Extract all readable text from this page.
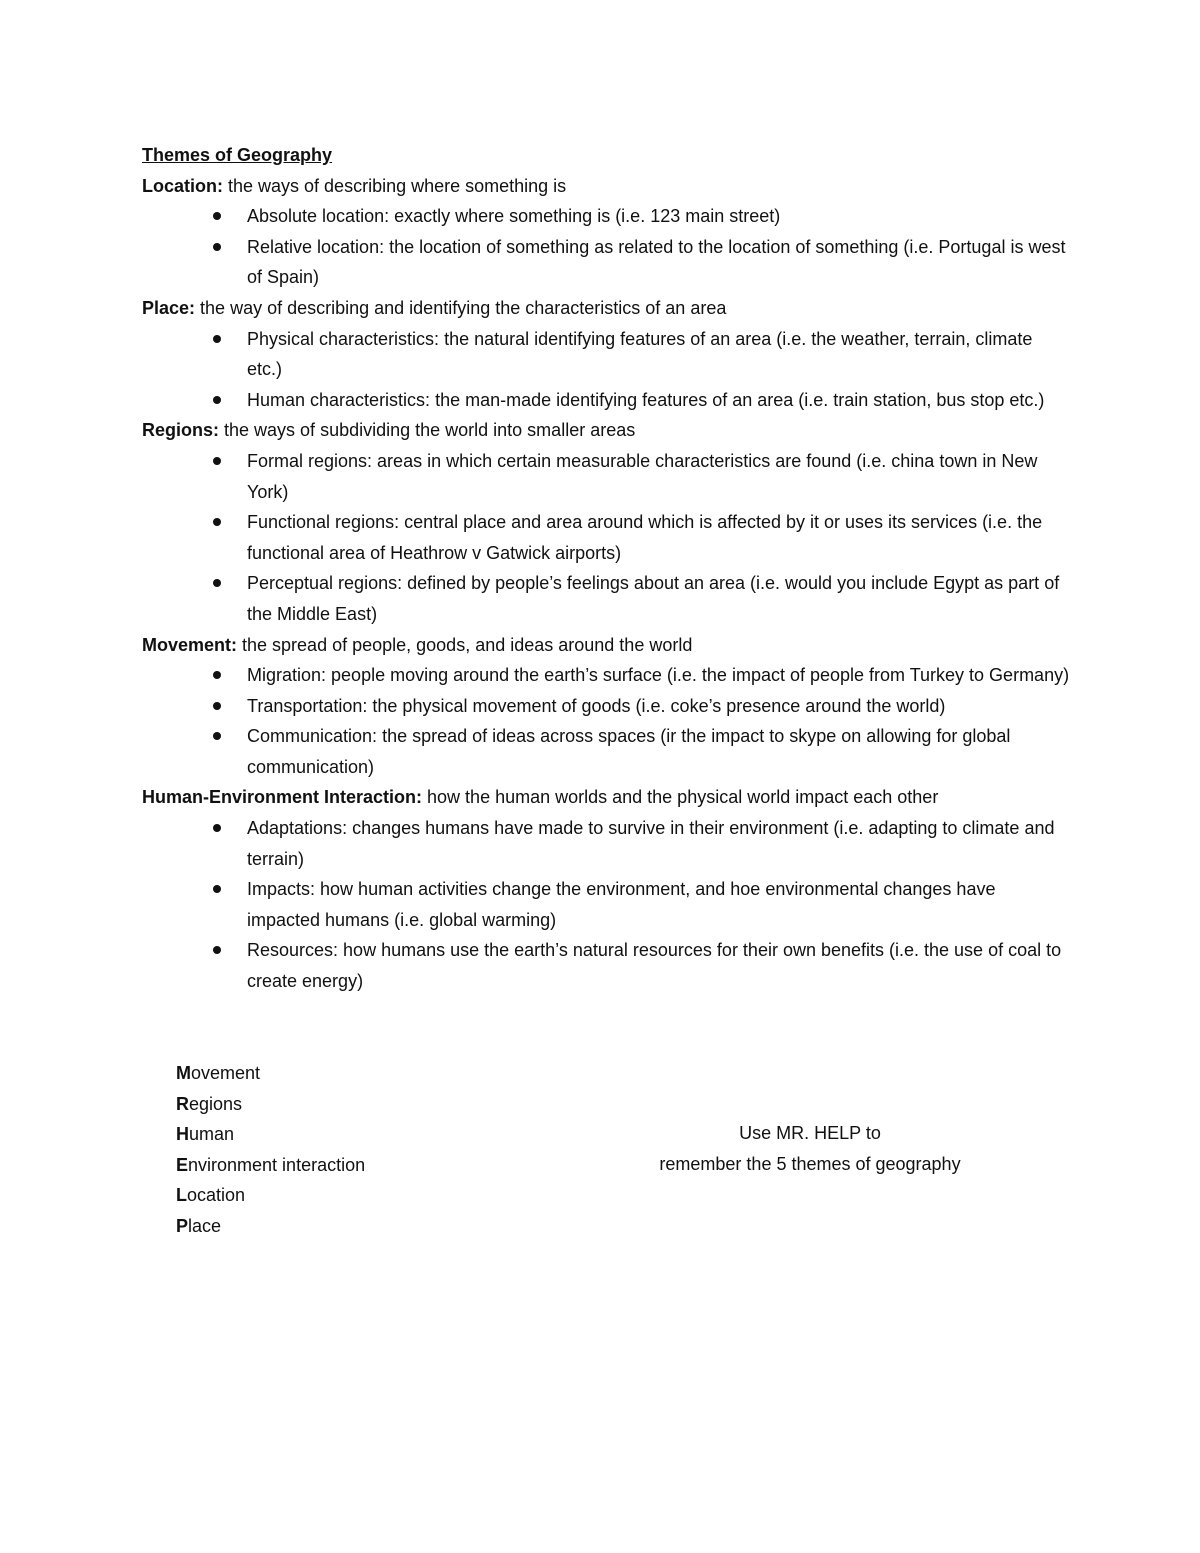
Themes of Geography

Location: the ways of describing where something is

Absolute location: exactly where something is (i.e. 123 main street)
Relative location: the location of something as related to the location of something (i.e. Portugal is west of Spain)

Place: the way of describing and identifying the characteristics of an area

Physical characteristics: the natural identifying features of an area (i.e. the weather, terrain, climate etc.)
Human characteristics: the man-made identifying features of an area (i.e. train station, bus stop etc.)

Regions: the ways of subdividing the world into smaller areas

Formal regions: areas in which certain measurable characteristics are found (i.e. china town in New York)
Functional regions: central place and area around which is affected by it or uses its services (i.e. the functional area of Heathrow v Gatwick airports)
Perceptual regions: defined by people’s feelings about an area (i.e. would you include Egypt as part of the Middle East)

Movement: the spread of people, goods, and ideas around the world

Migration: people moving around the earth’s surface (i.e. the impact of people from Turkey to Germany)
Transportation: the physical movement of goods (i.e. coke’s presence around the world)
Communication: the spread of ideas across spaces (ir the impact to skype on allowing for global communication)

Human-Environment Interaction: how the human worlds and the physical world impact each other

Adaptations: changes humans have made to survive in their environment (i.e. adapting to climate and terrain)
Impacts: how human activities change the environment, and hoe environmental changes have impacted humans (i.e. global warming)
Resources: how humans use the earth’s natural resources for their own benefits (i.e. the use of coal to create energy)

Movement

Regions

Human

Environment interaction

Location

Place

Use MR. HELP to
remember the 5 themes of geography
